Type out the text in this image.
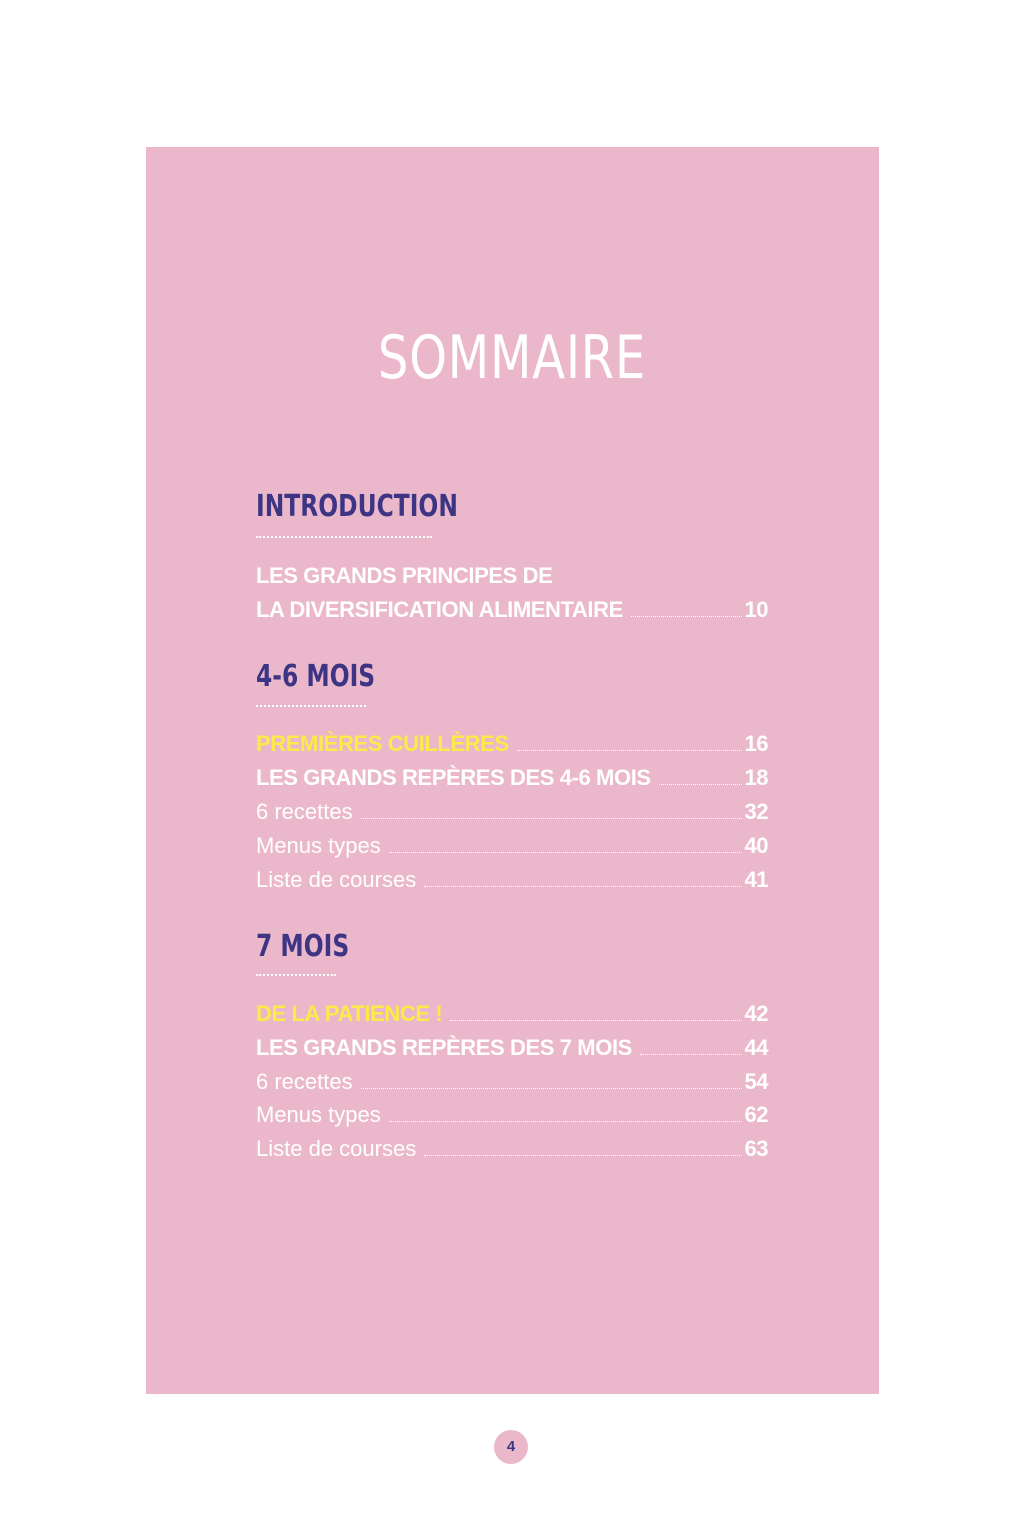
SOMMAIRE
INTRODUCTION
LES GRANDS PRINCIPES DE
LA DIVERSIFICATION ALIMENTAIRE	10
4-6 MOIS
PREMIÈRES CUILLÈRES	16
LES GRANDS REPÈRES DES 4-6 MOIS	18
6 recettes	32
Menus types	40
Liste de courses	41
7 MOIS
DE LA PATIENCE !	42
LES GRANDS REPÈRES DES 7 MOIS	44
6 recettes	54
Menus types	62
Liste de courses	63
4
